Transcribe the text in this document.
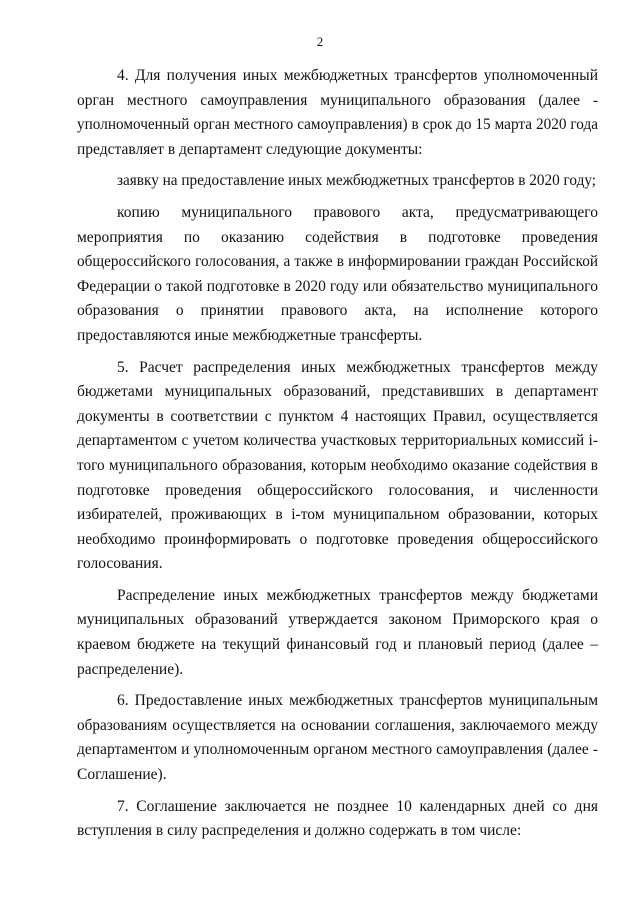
2
4. Для получения иных межбюджетных трансфертов уполномоченный
орган местного самоуправления муниципального образования (далее -
уполномоченный орган местного самоуправления) в срок до 15 марта 2020 года
представляет в департамент следующие документы:
заявку на предоставление иных межбюджетных трансфертов в 2020 году;
копию муниципального правового акта, предусматривающего
мероприятия по оказанию содействия в подготовке проведения
общероссийского голосования, а также в информировании граждан Российской
Федерации о такой подготовке в 2020 году или обязательство муниципального
образования о принятии правового акта, на исполнение которого
предоставляются иные межбюджетные трансферты.
5. Расчет распределения иных межбюджетных трансфертов между
бюджетами муниципальных образований, представивших в департамент
документы в соответствии с пунктом 4 настоящих Правил, осуществляется
департаментом с учетом количества участковых территориальных комиссий i-
того муниципального образования, которым необходимо оказание содействия в
подготовке проведения общероссийского голосования, и численности
избирателей, проживающих в i-том муниципальном образовании, которых
необходимо проинформировать о подготовке проведения общероссийского
голосования.
Распределение иных межбюджетных трансфертов между бюджетами
муниципальных образований утверждается законом Приморского края о
краевом бюджете на текущий финансовый год и плановый период (далее –
распределение).
6. Предоставление иных межбюджетных трансфертов муниципальным
образованиям осуществляется на основании соглашения, заключаемого между
департаментом и уполномоченным органом местного самоуправления (далее -
Соглашение).
7. Соглашение заключается не позднее 10 календарных дней со дня
вступления в силу распределения и должно содержать в том числе:
